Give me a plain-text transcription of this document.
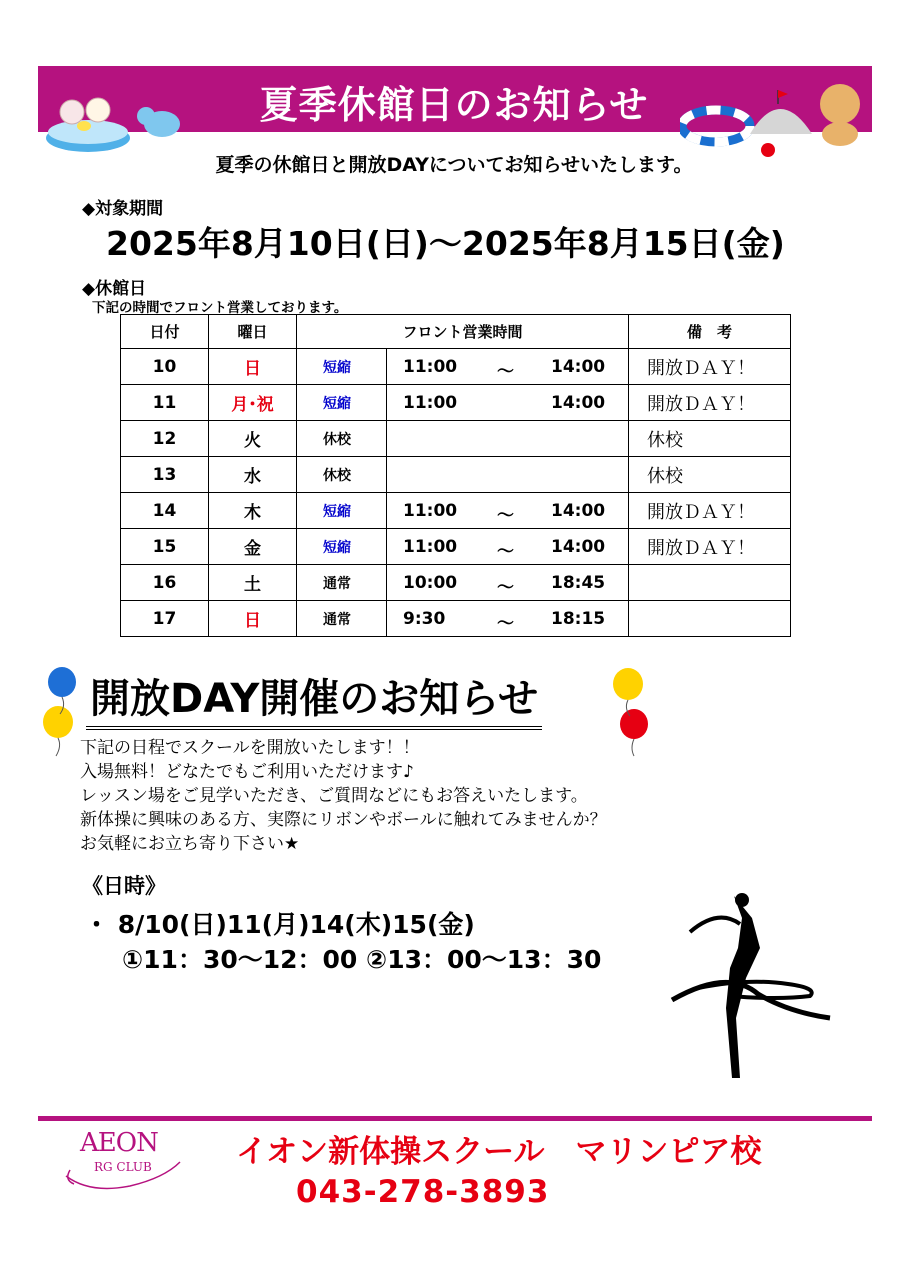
夏季休館日のお知らせ
夏季の休館日と開放DAYについてお知らせいたします。
◆対象期間
2025年8月10日(日)～2025年8月15日(金)
◆休館日
下記の時間でフロント営業しております。
日付	曜日	フロント営業時間		備　考
10	日	短縮	11:00 ～ 14:00	開放ＤＡＹ！
11	月･祝	短縮	11:00 14:00	開放ＤＡＹ！
12	火	休校		休校
13	水	休校		休校
14	木	短縮	11:00 ～ 14:00	開放ＤＡＹ！
15	金	短縮	11:00 ～ 14:00	開放ＤＡＹ！
16	土	通常	10:00 ～ 18:45	

17	日	通常	9:30 ～ 18:15	

開放DAY開催のお知らせ
下記の日程でスクールを開放いたします！！
入場無料！どなたでもご利用いただけます♪
レッスン場をご見学いただき、ご質問などにもお答えいたします。
新体操に興味のある方、実際にリボンやボールに触れてみませんか？
お気軽にお立ち寄り下さい★
《日時》
・ 8/10(日)11(月)14(木)15(金)
①11：30～12：00 ②13：00～13：30
AEON
RG CLUB	イオン新体操スクール　マリンピア校
043-278-3893
